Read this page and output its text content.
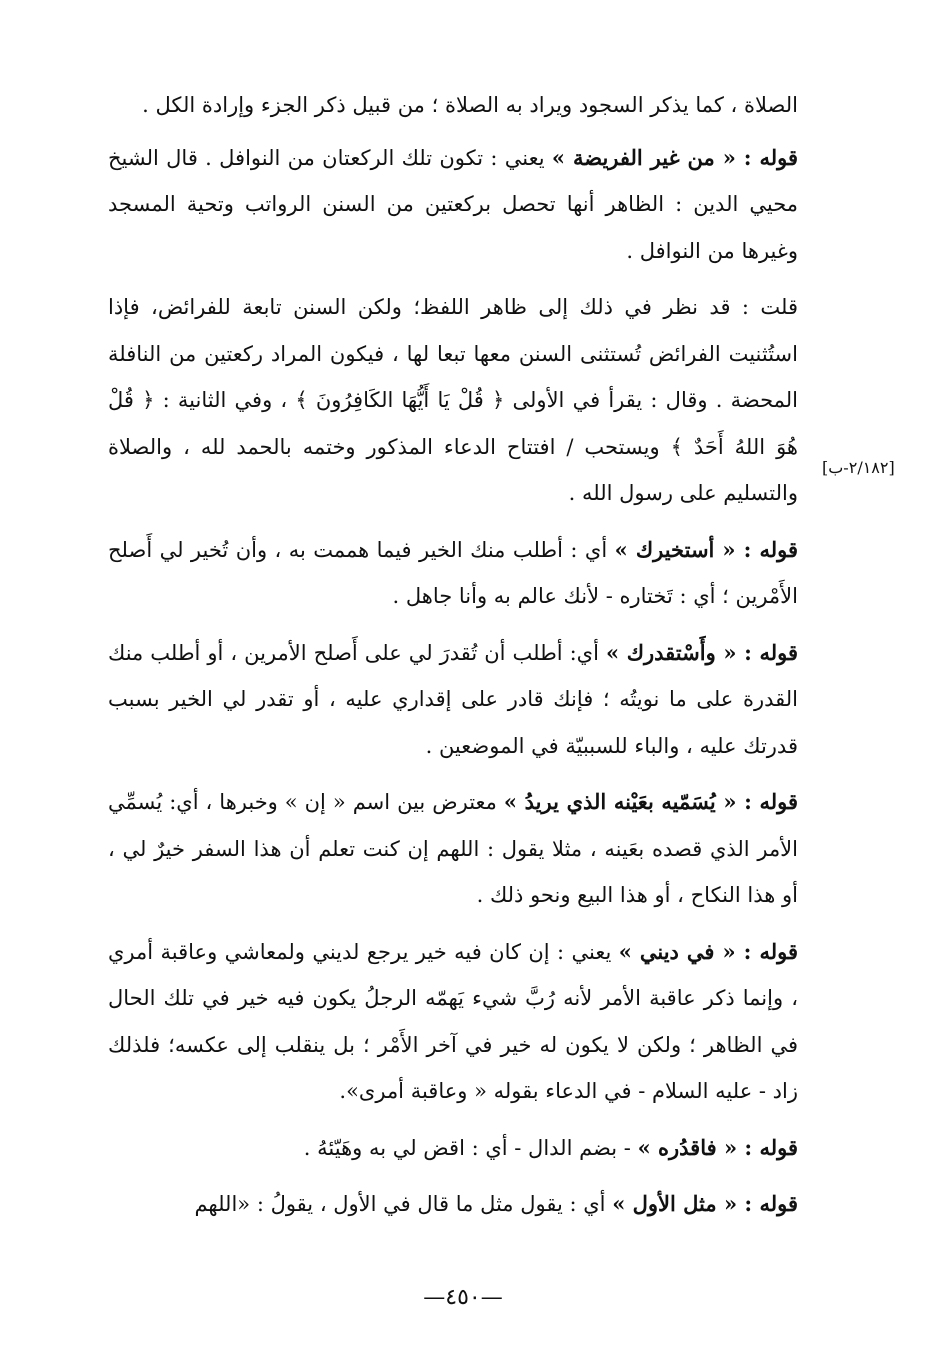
[٢/١٨٢-ب]

الصلاة ، كما يذكر السجود ويراد به الصلاة ؛ من قبيل ذكر الجزء وإرادة الكل .

قوله : « من غير الفريضة » يعني : تكون تلك الركعتان من النوافل . قال الشيخ محيي الدين : الظاهر أنها تحصل بركعتين من السنن الرواتب وتحية المسجد وغيرها من النوافل .

قلت : قد نظر في ذلك إلى ظاهر اللفظ؛ ولكن السنن تابعة للفرائض، فإذا استُثنيت الفرائض تُستثنى السنن معها تبعا لها ، فيكون المراد ركعتين من النافلة المحضة . وقال : يقرأ في الأولى ﴿ قُلْ يَا أَيُّهَا الكَافِرُونَ ﴾ ، وفي الثانية : ﴿ قُلْ هُوَ اللهُ أَحَدٌ ﴾ ويستحب / افتتاح الدعاء المذكور وختمه بالحمد لله ، والصلاة والتسليم على رسول الله .

قوله : « أستخيرك » أي : أطلب منك الخير فيما هممت به ، وأن تُخير لي أَصلح الأَمْرين ؛ أي : تَختاره - لأنك عالم به وأنا جاهل .

قوله : « وأَسْتقدرك » أي: أطلب أن تُقدرَ لي على أَصلح الأمرين ، أو أطلب منك القدرة على ما نويتُه ؛ فإنك قادر على إقداري عليه ، أو تقدر لي الخير بسبب قدرتك عليه ، والباء للسببيّة في الموضعين .

قوله : « يُسَمّيه بعَيْنه الذي يريدُ » معترض بين اسم « إن » وخبرها ، أي: يُسمِّي الأمر الذي قصده بعَينه ، مثلا يقول : اللهم إن كنت تعلم أن هذا السفر خيرٌ لي ، أو هذا النكاح ، أو هذا البيع ونحو ذلك .

قوله : « في ديني » يعني : إن كان فيه خير يرجع لديني ولمعاشي وعاقبة أمري ، وإنما ذكر عاقبة الأمر لأنه رُبَّ شيء يَهمّه الرجلُ يكون فيه خير في تلك الحال في الظاهر ؛ ولكن لا يكون له خير في آخر الأَمْر ؛ بل ينقلب إلى عكسه؛ فلذلك زاد - عليه السلام - في الدعاء بقوله « وعاقبة أمرى».

قوله : « فاقدُره » - بضم الدال - أي : اقض لي به وهَيّئهُ .

قوله : « مثل الأول » أي : يقول مثل ما قال في الأول ، يقولُ : «اللهم

—٤٥٠—
